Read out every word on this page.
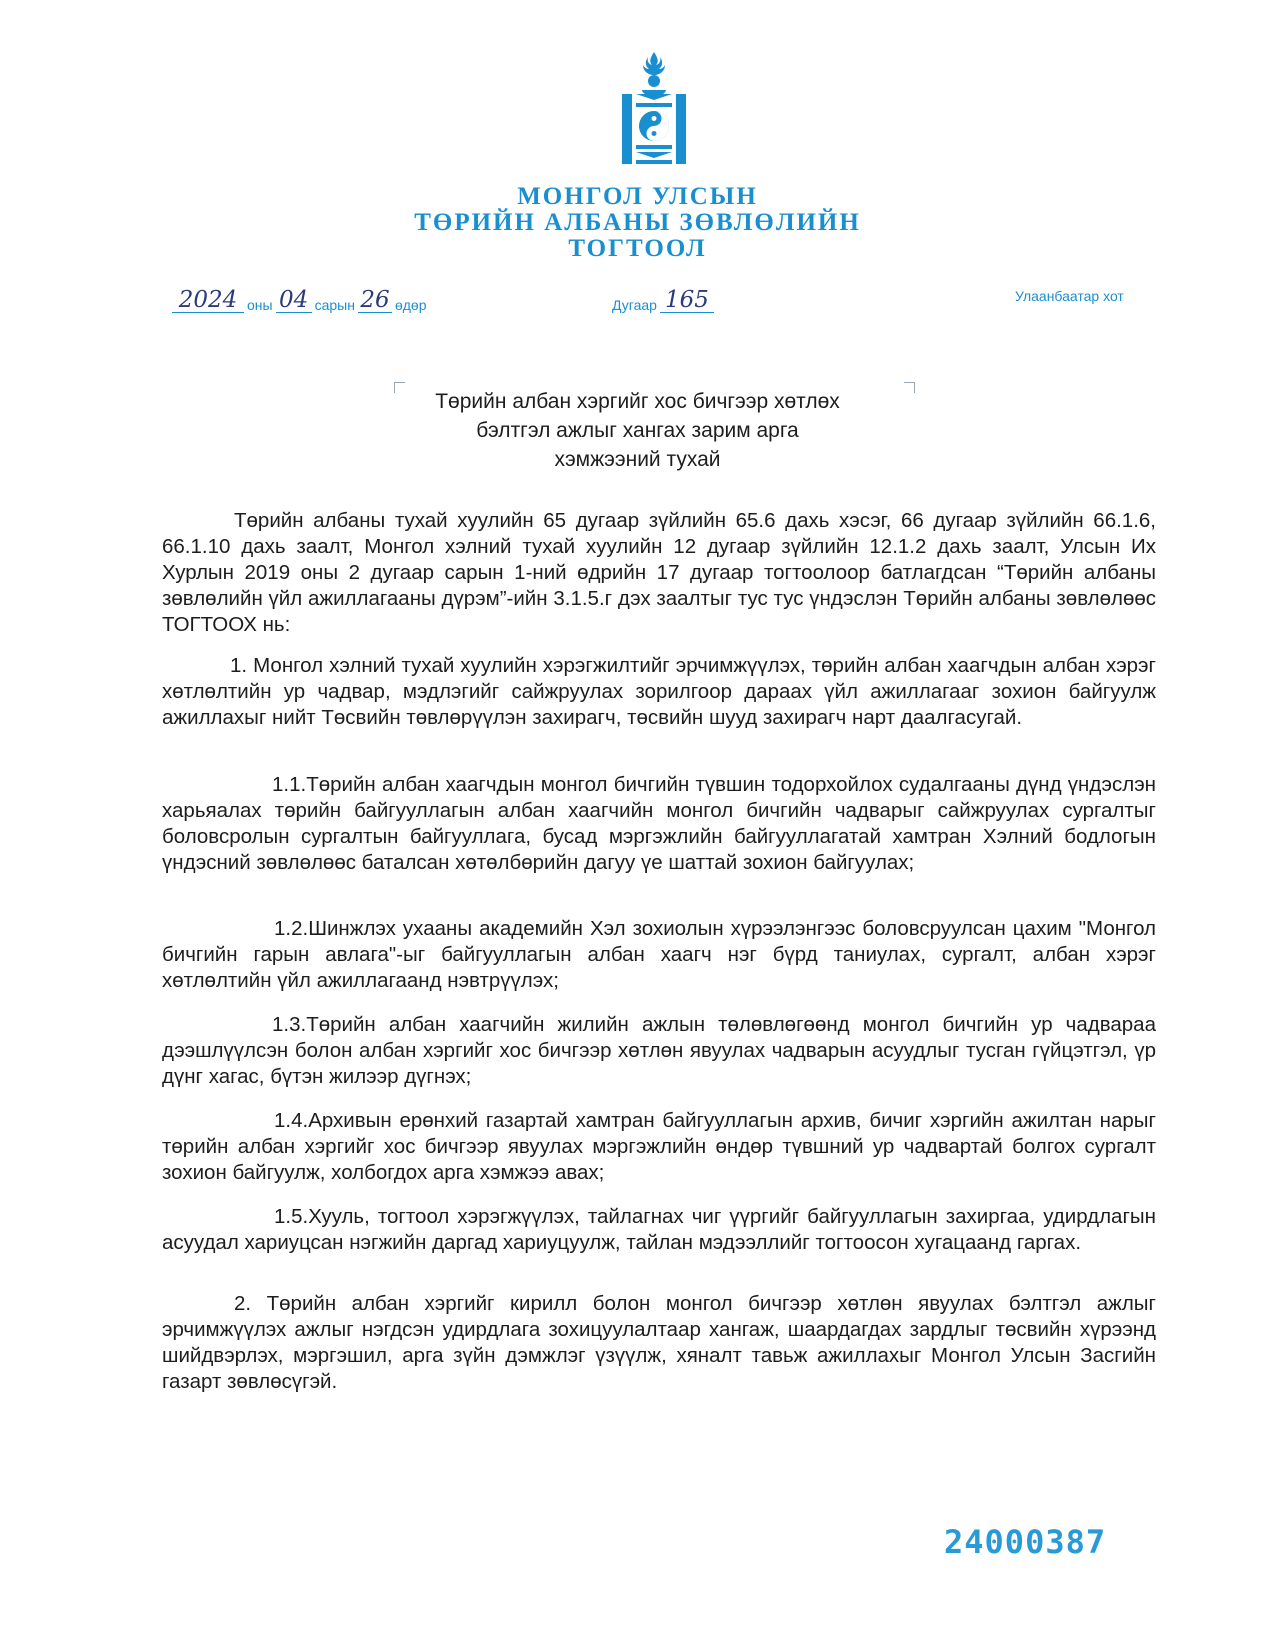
МОНГОЛ УЛСЫН
ТӨРИЙН АЛБАНЫ ЗӨВЛӨЛИЙН
ТОГТООЛ
2024 оны 04 сарын 26 өдөр	Дугаар 165	Улаанбаатар хот
Төрийн албан хэргийг хос бичгээр хөтлөх
бэлтгэл ажлыг хангах зарим арга
хэмжээний тухай
Төрийн албаны тухай хуулийн 65 дугаар зүйлийн 65.6 дахь хэсэг, 66 дугаар зүйлийн 66.1.6, 66.1.10 дахь заалт, Монгол хэлний тухай хуулийн 12 дугаар зүйлийн 12.1.2 дахь заалт, Улсын Их Хурлын 2019 оны 2 дугаар сарын 1-ний өдрийн 17 дугаар тогтоолоор батлагдсан “Төрийн албаны зөвлөлийн үйл ажиллагааны дүрэм”-ийн 3.1.5.г дэх заалтыг тус тус үндэслэн Төрийн албаны зөвлөлөөс ТОГТООХ нь:
1. Монгол хэлний тухай хуулийн хэрэгжилтийг эрчимжүүлэх, төрийн албан хаагчдын албан хэрэг хөтлөлтийн ур чадвар, мэдлэгийг сайжруулах зорилгоор дараах үйл ажиллагааг зохион байгуулж ажиллахыг нийт Төсвийн төвлөрүүлэн захирагч, төсвийн шууд захирагч нарт даалгасугай.
1.1.Төрийн албан хаагчдын монгол бичгийн түвшин тодорхойлох судалгааны дүнд үндэслэн харьяалах төрийн байгууллагын албан хаагчийн монгол бичгийн чадварыг сайжруулах сургалтыг боловсролын сургалтын байгууллага, бусад мэргэжлийн байгууллагатай хамтран Хэлний бодлогын үндэсний зөвлөлөөс баталсан хөтөлбөрийн дагуу үе шаттай зохион байгуулах;
1.2.Шинжлэх ухааны академийн Хэл зохиолын хүрээлэнгээс боловсруулсан цахим "Монгол бичгийн гарын авлага"-ыг байгууллагын албан хаагч нэг бүрд таниулах, сургалт, албан хэрэг хөтлөлтийн үйл ажиллагаанд нэвтрүүлэх;
1.3.Төрийн албан хаагчийн жилийн ажлын төлөвлөгөөнд монгол бичгийн ур чадвараа дээшлүүлсэн болон албан хэргийг хос бичгээр хөтлөн явуулах чадварын асуудлыг тусган гүйцэтгэл, үр дүнг хагас, бүтэн жилээр дүгнэх;
1.4.Архивын ерөнхий газартай хамтран байгууллагын архив, бичиг хэргийн ажилтан нарыг төрийн албан хэргийг хос бичгээр явуулах мэргэжлийн өндөр түвшний ур чадвартай болгох сургалт зохион байгуулж, холбогдох арга хэмжээ авах;
1.5.Хууль, тогтоол хэрэгжүүлэх, тайлагнах чиг үүргийг байгууллагын захиргаа, удирдлагын асуудал хариуцсан нэгжийн даргад хариуцуулж, тайлан мэдээллийг тогтоосон хугацаанд гаргах.
2. Төрийн албан хэргийг кирилл болон монгол бичгээр хөтлөн явуулах бэлтгэл ажлыг эрчимжүүлэх ажлыг нэгдсэн удирдлага зохицуулалтаар хангаж, шаардагдах зардлыг төсвийн хүрээнд шийдвэрлэх, мэргэшил, арга зүйн дэмжлэг үзүүлж, хяналт тавьж ажиллахыг Монгол Улсын Засгийн газарт зөвлөсүгэй.
24000387
